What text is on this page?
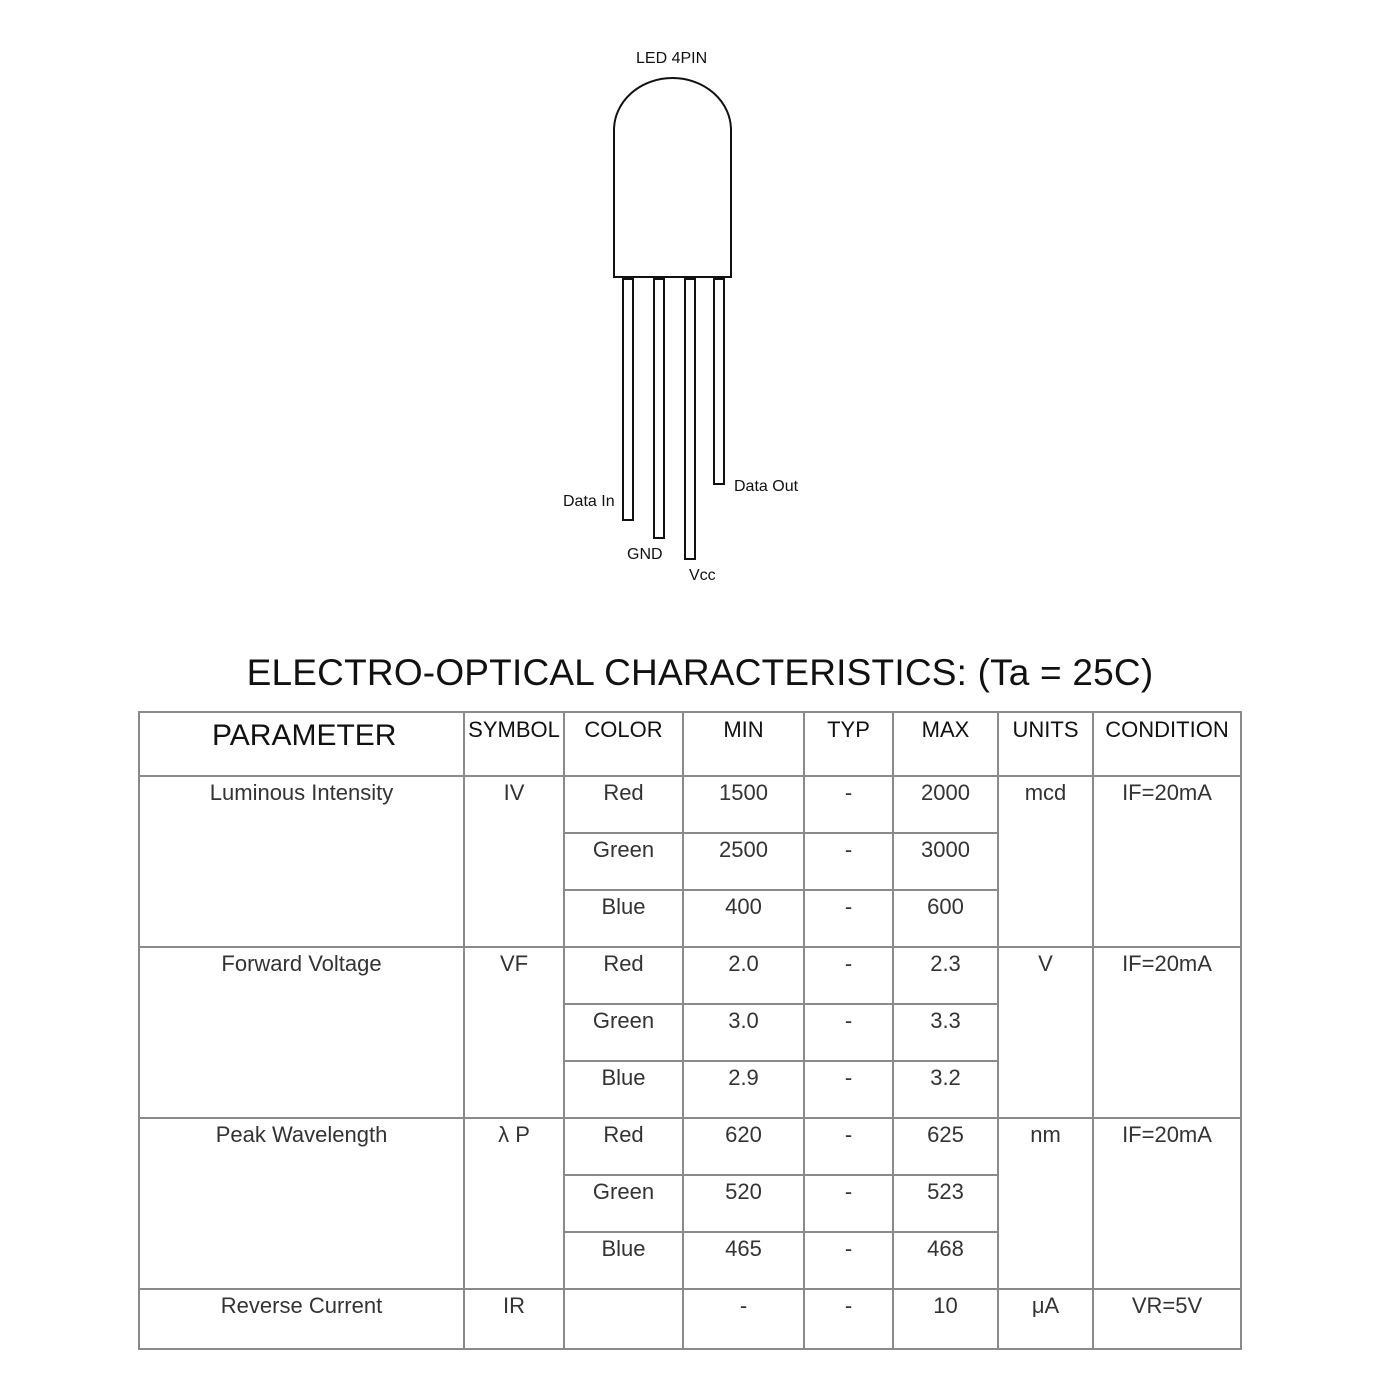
LED 4PIN
Data In
GND
Vcc
Data Out
ELECTRO-OPTICAL CHARACTERISTICS: (Ta = 25C)
PARAMETER	SYMBOL	COLOR	MIN	TYP	MAX	UNITS	CONDITION
Luminous Intensity	IV	Red	1500	-	2000	mcd	IF=20mA
		Green	2500	-	3000		
		Blue	400	-	600		
Forward Voltage	VF	Red	2.0	-	2.3	V	IF=20mA
		Green	3.0	-	3.3		
		Blue	2.9	-	3.2		
Peak Wavelength	λ P	Red	620	-	625	nm	IF=20mA
		Green	520	-	523		
		Blue	465	-	468		
Reverse Current	IR		-	-	10	μA	VR=5V
